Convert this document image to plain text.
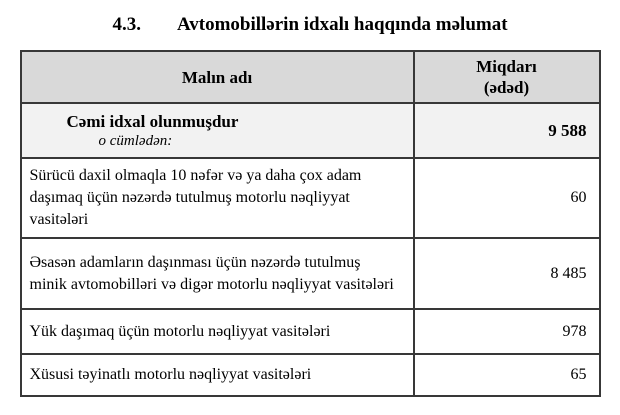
4.3. Avtomobillərin idxalı haqqında məlumat
Malın adı	Miqdarı
(ədəd)

Cəmi idxal olunmuşdur
o cümlədən:	9 588
Sürücü daxil olmaqla 10 nəfər və ya daha çox adam daşımaq üçün nəzərdə tutulmuş motorlu nəqliyyat vasitələri	60
Əsasən adamların daşınması üçün nəzərdə tutulmuş minik avtomobilləri və digər motorlu nəqliyyat vasitələri	8 485
Yük daşımaq üçün motorlu nəqliyyat vasitələri	978
Xüsusi təyinatlı motorlu nəqliyyat vasitələri	65
